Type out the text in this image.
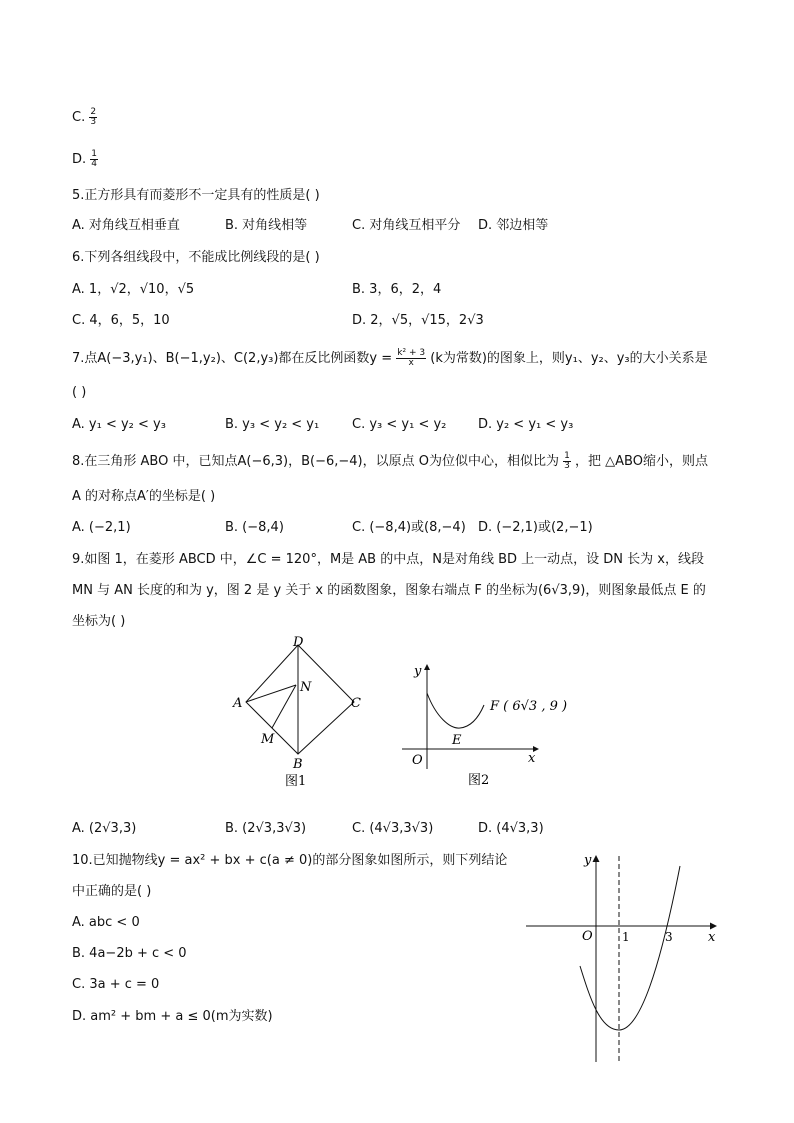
C. $\frac{2}{3}$
D. $\frac{1}{4}$
5.正方形具有而菱形不一定具有的性质是( )
A. 对角线互相垂直	B. 对角线相等	C. 对角线互相平分 D. 邻边相等
6.下列各组线段中，不能成比例线段的是( )
A. 1，√2，√10，√5	B. 3，6，2，4
C. 4，6，5，10	D. 2，√5，√15，2√3
7.点A(−3,y₁)、B(−1,y₂)、C(2,y₃)都在反比例函数$y = \frac{\text{k² + 3}}{x} (k$为常数)的图象上，则y₁、y₂、y₃的大小关系是
( )
A. y₁ < y₂ < y₃	B. y₃ < y₂ < y₁	C. y₃ < y₁ < y₂ D. y₂ < y₁ < y₃
8.在三角形 ABO 中，已知点A(−6,3)，B(−6,−4)，以原点 O为位似中心，相似比为 $\frac{1}{3}$ ，把 △ABO缩小，则点
A 的对称点A′的坐标是( )
A. (−2,1)	B. (−8,4)	C. (−8,4)或(8,−4) D. (−2,1)或(2,−1)
9.如图 1，在菱形 ABCD 中，∠C = 120°，M是 AB 的中点，N是对角线 BD 上一动点，设 DN 长为 x，线段
MN 与 AN 长度的和为 y，图 2 是 y 关于 x 的函数图象，图象右端点 F 的坐标为(6√3,9)，则图象最低点 E 的
坐标为( )
D
A
N
C
M
B
图1
y
F ( 6√3 , 9 )
E
O	x
图2
A. (2√3,3)	B. (2√3,3√3)	C. (4√3,3√3)	D. (4√3,3)
10.已知抛物线y = ax² + bx + c(a ≠ 0)的部分图象如图所示，则下列结论
中正确的是( )
A. abc < 0
B. 4a−2b + c < 0
C. 3a + c = 0
D. am² + bm + a ≤ 0(m为实数)
y
O 1	3	x
